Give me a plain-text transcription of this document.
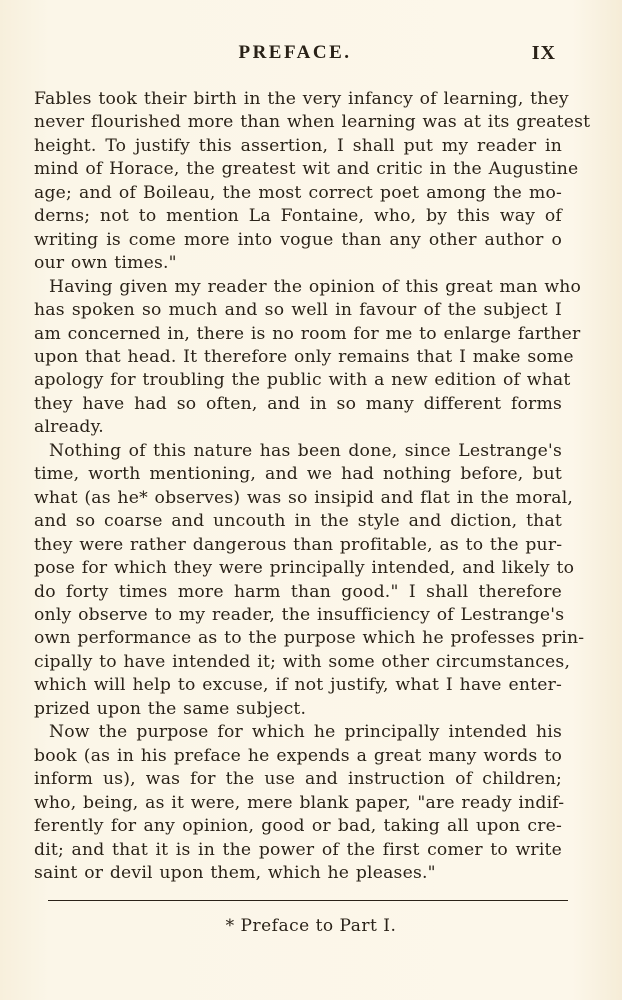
PREFACE.	IX

Fables took their birth in the very infancy of learning, they
never flourished more than when learning was at its greatest
height. To justify this assertion, I shall put my reader in
mind of Horace, the greatest wit and critic in the Augustine
age; and of Boileau, the most correct poet among the mo-
derns; not to mention La Fontaine, who, by this way of
writing is come more into vogue than any other author o
our own times."

Having given my reader the opinion of this great man who
has spoken so much and so well in favour of the subject I
am concerned in, there is no room for me to enlarge farther
upon that head. It therefore only remains that I make some
apology for troubling the public with a new edition of what
they have had so often, and in so many different forms
already.

Nothing of this nature has been done, since Lestrange's
time, worth mentioning, and we had nothing before, but
what (as he* observes) was so insipid and flat in the moral,
and so coarse and uncouth in the style and diction, that
they were rather dangerous than profitable, as to the pur-
pose for which they were principally intended, and likely to
do forty times more harm than good." I shall therefore
only observe to my reader, the insufficiency of Lestrange's
own performance as to the purpose which he professes prin-
cipally to have intended it; with some other circumstances,
which will help to excuse, if not justify, what I have enter-
prized upon the same subject.

Now the purpose for which he principally intended his
book (as in his preface he expends a great many words to
inform us), was for the use and instruction of children;
who, being, as it were, mere blank paper, "are ready indif-
ferently for any opinion, good or bad, taking all upon cre-
dit; and that it is in the power of the first comer to write
saint or devil upon them, which he pleases."

* Preface to Part I.
